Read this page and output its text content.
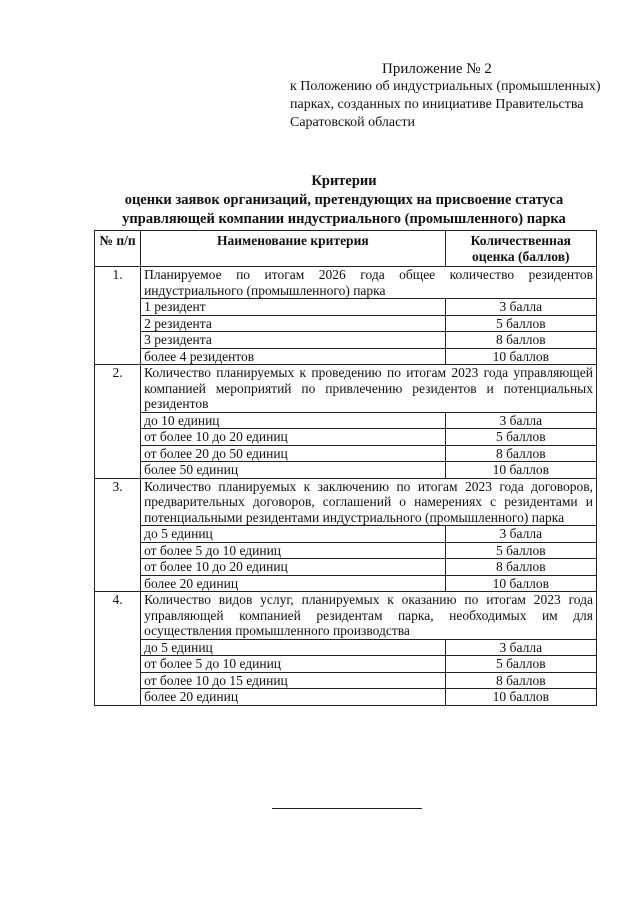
Приложение № 2
к Положению об индустриальных (промышленных)
парках, созданных по инициативе Правительства
Саратовской области
Критерии
оценки заявок организаций, претендующих на присвоение статуса
управляющей компании индустриального (промышленного) парка
№ п/п	Наименование критерия	Количественная оценка (баллов)
1.	Планируемое по итогам 2026 года общее количество резидентов индустриального (промышленного) парка	
	1 резидент	3 балла
	2 резидента	5 баллов
	3 резидента	8 баллов
	более 4 резидентов	10 баллов
2.	Количество планируемых к проведению по итогам 2023 года управляющей компанией мероприятий по привлечению резидентов и потенциальных резидентов	
	до 10 единиц	3 балла
	от более 10 до 20 единиц	5 баллов
	от более 20 до 50 единиц	8 баллов
	более 50 единиц	10 баллов
3.	Количество планируемых к заключению по итогам 2023 года договоров, предварительных договоров, соглашений о намерениях с резидентами и потенциальными резидентами индустриального (промышленного) парка	
	до 5 единиц	3 балла
	от более 5 до 10 единиц	5 баллов
	от более 10 до 20 единиц	8 баллов
	более 20 единиц	10 баллов
4.	Количество видов услуг, планируемых к оказанию по итогам 2023 года управляющей компанией резидентам парка, необходимых им для осуществления промышленного производства	
	до 5 единиц	3 балла
	от более 5 до 10 единиц	5 баллов
	от более 10 до 15 единиц	8 баллов
	более 20 единиц	10 баллов
